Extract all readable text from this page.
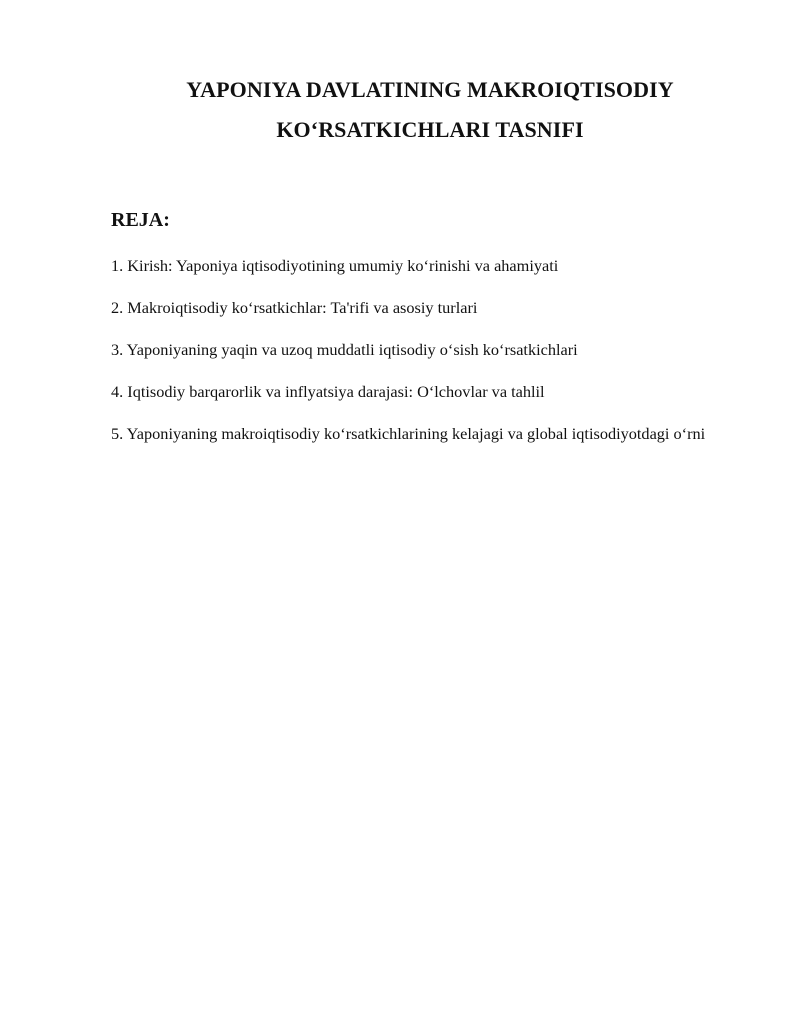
YAPONIYA DAVLATINING MAKROIQTISODIY
KO‘RSATKICHLARI TASNIFI
REJA:
1. Kirish: Yaponiya iqtisodiyotining umumiy ko‘rinishi va ahamiyati
2. Makroiqtisodiy ko‘rsatkichlar: Ta'rifi va asosiy turlari
3. Yaponiyaning yaqin va uzoq muddatli iqtisodiy o‘sish ko‘rsatkichlari
4. Iqtisodiy barqarorlik va inflyatsiya darajasi: O‘lchovlar va tahlil
5. Yaponiyaning makroiqtisodiy ko‘rsatkichlarining kelajagi va global iqtisodiyotdagi o‘rni
